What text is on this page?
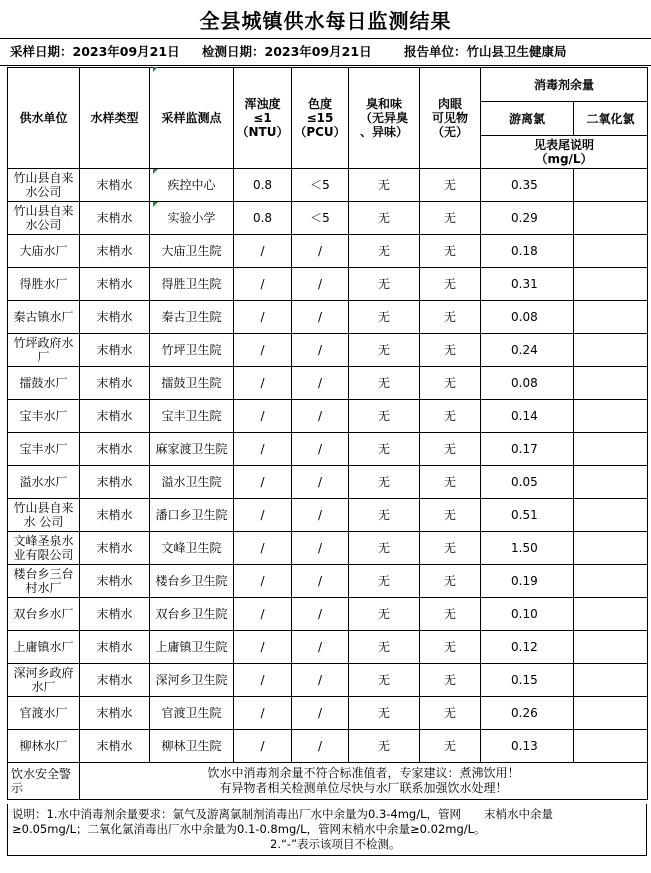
全县城镇供水每日监测结果
采样日期：2023年09月21日 检测日期：2023年09月21日	报告单位：竹山县卫生健康局
供水单位	水样类型	采样监测点	浑浊度
≤1
（NTU）	色度
≤15
（PCU）	臭和味
（无异臭
、异味）	肉眼
可见物
（无）	消毒剂余量	
							游离氯	二氧化氯
							见表尾说明
（mg/L）	
竹山县自来水公司	末梢水	疾控中心	0.8	＜5	无	无	0.35	
竹山县自来水公司	末梢水	实验小学	0.8	＜5	无	无	0.29	
大庙水厂	末梢水	大庙卫生院	/	/	无	无	0.18	
得胜水厂	末梢水	得胜卫生院	/	/	无	无	0.31	
秦古镇水厂	末梢水	秦古卫生院	/	/	无	无	0.08	
竹坪政府水厂	末梢水	竹坪卫生院	/	/	无	无	0.24	
擂鼓水厂	末梢水	擂鼓卫生院	/	/	无	无	0.08	
宝丰水厂	末梢水	宝丰卫生院	/	/	无	无	0.14	
宝丰水厂	末梢水	麻家渡卫生院	/	/	无	无	0.17	
溢水水厂	末梢水	溢水卫生院	/	/	无	无	0.05	
竹山县自来水 公司	末梢水	潘口乡卫生院	/	/	无	无	0.51	
文峰圣泉水业有限公司	末梢水	文峰卫生院	/	/	无	无	1.50	
楼台乡三台村水厂	末梢水	楼台乡卫生院	/	/	无	无	0.19	
双台乡水厂	末梢水	双台乡卫生院	/	/	无	无	0.10	
上庸镇水厂	末梢水	上庸镇卫生院	/	/	无	无	0.12	
深河乡政府水厂	末梢水	深河乡卫生院	/	/	无	无	0.15	
官渡水厂	末梢水	官渡卫生院	/	/	无	无	0.26	
柳林水厂	末梢水	柳林卫生院	/	/	无	无	0.13	
饮水安全警示	饮水中消毒剂余量不符合标准值者，专家建议：煮沸饮用！
有异物者相关检测单位尽快与水厂联系加强饮水处理！							
说明：1.水中消毒剂余量要求：氯气及游离氯制剂消毒出厂水中余量为0.3-4mg/L，管网　　末梢水中余量
≥0.05mg/L；二氧化氯消毒出厂水中余量为0.1-0.8mg/L，管网末梢水中余量≥0.02mg/L。
2.“-”表示该项目不检测。
